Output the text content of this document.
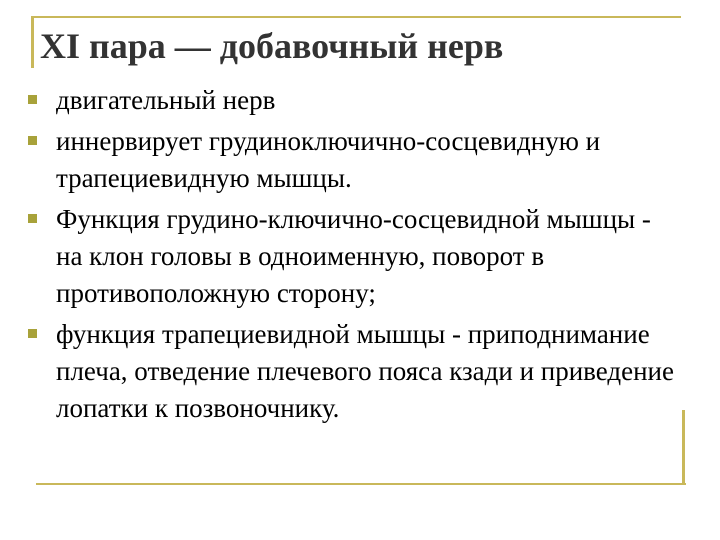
XI пара — добавочный нерв
двигательный нерв
иннервирует грудиноключично-сосцевидную и трапециевидную мышцы.
Функция грудино-ключично-сосцевидной мышцы - на клон головы в одноименную, поворот в противоположную сторону;
функция трапециевидной мышцы - приподнимание плеча, отведение плечевого пояса кзади и приведение лопатки к позвоночнику.
